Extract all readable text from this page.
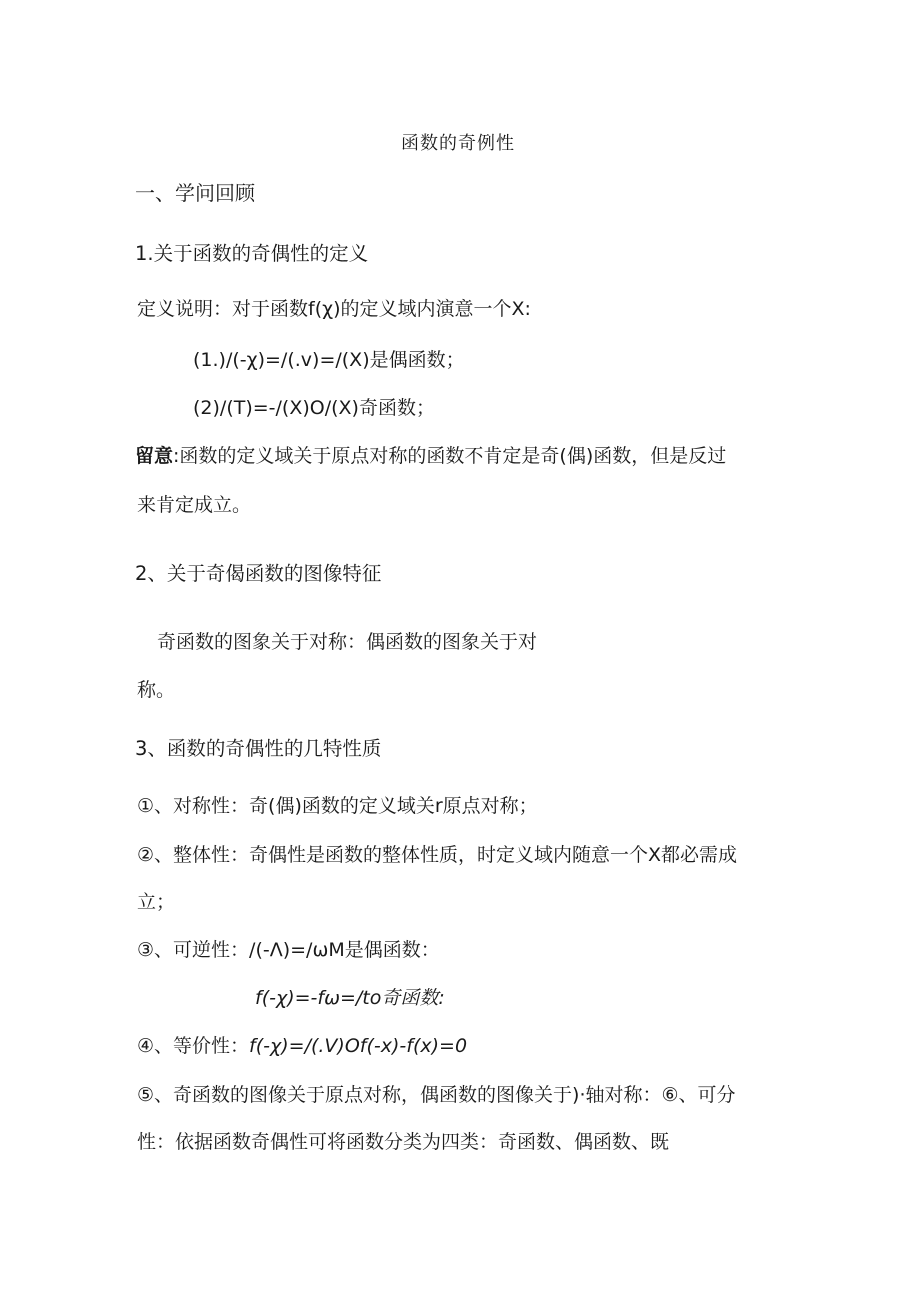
函数的奇例性
一、学问回顾
1.关于函数的奇偶性的定义
定义说明：对于函数f(χ)的定义域内演意一个X:
(1.)/(-χ)=/(.v)=/(X)是偶函数；
(2)/(T)=-/(X)O/(X)奇函数；
留意:函数的定义域关于原点对称的函数不肯定是奇(偶)函数，但是反过
来肯定成立。
2、关于奇偈函数的图像特征
奇函数的图象关于对称：偶函数的图象关于对
称。
3、函数的奇偶性的几特性质
①、对称性：奇(偶)函数的定义域关r原点对称；
②、整体性：奇偶性是函数的整体性质，时定义域内随意一个X都必需成
立；
③、可逆性：/(-Λ)=/ωM是偶函数：
f(-χ)=-fω=/to奇函数:
④、等价性：f(-χ)=/(.V)Of(-x)-f(x)=0
⑤、奇函数的图像关于原点对称，偶函数的图像关于)·轴对称：⑥、可分
性：依据函数奇偶性可将函数分类为四类：奇函数、偶函数、既
